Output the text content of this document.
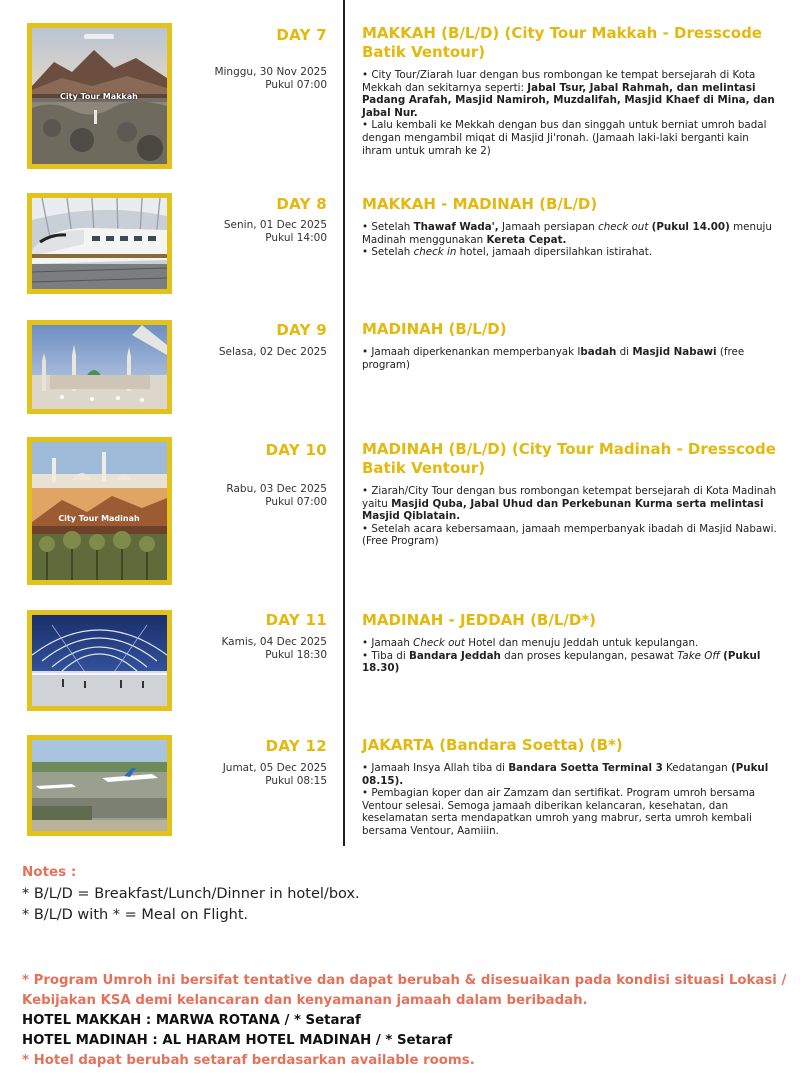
DAY 7
Minggu, 30 Nov 2025
Pukul 07:00
MAKKAH (B/L/D) (City Tour Makkah - Dresscode Batik Ventour)

• City Tour/Ziarah luar dengan bus rombongan ke tempat bersejarah di Kota Mekkah dan sekitarnya seperti: Jabal Tsur, Jabal Rahmah, dan melintasi Padang Arafah, Masjid Namiroh, Muzdalifah, Masjid Khaef di Mina, dan Jabal Nur.

• Lalu kembali ke Mekkah dengan bus dan singgah untuk berniat umroh badal dengan mengambil miqat di Masjid Ji'ronah. (Jamaah laki-laki berganti kain ihram untuk umrah ke 2)

DAY 8
Senin, 01 Dec 2025
Pukul 14:00
MAKKAH - MADINAH (B/L/D)

• Setelah Thawaf Wada', Jamaah persiapan check out (Pukul 14.00) menuju Madinah menggunakan Kereta Cepat.

• Setelah check in hotel, jamaah dipersilahkan istirahat.

DAY 9
Selasa, 02 Dec 2025
MADINAH (B/L/D)

• Jamaah diperkenankan memperbanyak Ibadah di Masjid Nabawi (free program)

City Tour Madinah
DAY 10
Rabu, 03 Dec 2025
Pukul 07:00
MADINAH (B/L/D) (City Tour Madinah - Dresscode Batik Ventour)

• Ziarah/City Tour dengan bus rombongan ketempat bersejarah di Kota Madinah yaitu Masjid Quba, Jabal Uhud dan Perkebunan Kurma serta melintasi Masjid Qiblatain.

• Setelah acara kebersamaan, jamaah memperbanyak ibadah di Masjid Nabawi. (Free Program)

DAY 11
Kamis, 04 Dec 2025
Pukul 18:30
MADINAH - JEDDAH (B/L/D*)

• Jamaah Check out Hotel dan menuju Jeddah untuk kepulangan.

• Tiba di Bandara Jeddah dan proses kepulangan, pesawat Take Off (Pukul 18.30)

DAY 12
Jumat, 05 Dec 2025
Pukul 08:15
JAKARTA (Bandara Soetta) (B*)

• Jamaah Insya Allah tiba di Bandara Soetta Terminal 3 Kedatangan (Pukul 08.15).

• Pembagian koper dan air Zamzam dan sertifikat. Program umroh bersama Ventour selesai. Semoga jamaah diberikan kelancaran, kesehatan, dan keselamatan serta mendapatkan umroh yang mabrur, serta umroh kembali bersama Ventour, Aamiiin.

City Tour Makkah
Notes :
* B/L/D = Breakfast/Lunch/Dinner in hotel/box.
* B/L/D with * = Meal on Flight.
* Program Umroh ini bersifat tentative dan dapat berubah & disesuaikan pada kondisi situasi Lokasi / Kebijakan KSA demi kelancaran dan kenyamanan jamaah dalam beribadah.
HOTEL MAKKAH : MARWA ROTANA / * Setaraf
HOTEL MADINAH : AL HARAM HOTEL MADINAH / * Setaraf
* Hotel dapat berubah setaraf berdasarkan available rooms.
